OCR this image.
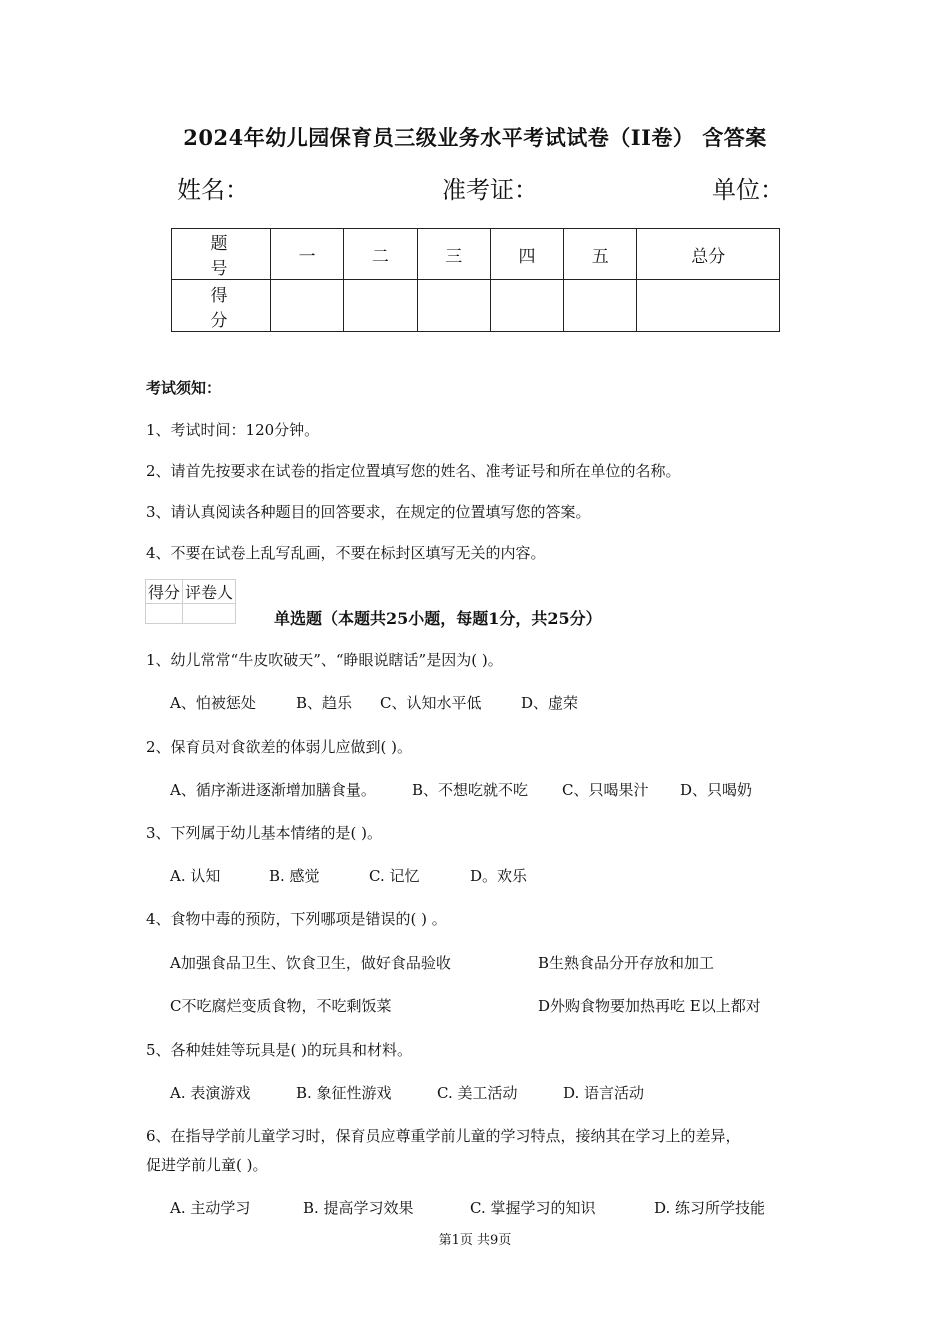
2024年幼儿园保育员三级业务水平考试试卷（II卷） 含答案
姓名：	准考证：	单位：
题 号	一	二	三	四	五	总分
得 分						
考试须知：
1、考试时间：120分钟。
2、请首先按要求在试卷的指定位置填写您的姓名、准考证号和所在单位的名称。
3、请认真阅读各种题目的回答要求，在规定的位置填写您的答案。
4、不要在试卷上乱写乱画，不要在标封区填写无关的内容。
得分	评卷人

单选题（本题共25小题，每题1分，共25分）
1、幼儿常常“牛皮吹破天”、“睁眼说瞎话”是因为( )。
A、怕被惩处	B、趋乐 C、认知水平低	D、虚荣
2、保育员对食欲差的体弱儿应做到( )。
A、循序渐进逐渐增加膳食量。 B、不想吃就不吃 C、只喝果汁 D、只喝奶
3、下列属于幼儿基本情绪的是( )。
A. 认知	B. 感觉	C. 记忆	D。欢乐
4、食物中毒的预防，下列哪项是错误的( ) 。
A加强食品卫生、饮食卫生，做好食品验收	B生熟食品分开存放和加工
C不吃腐烂变质食物，不吃剩饭菜	D外购食物要加热再吃 E以上都对
5、各种娃娃等玩具是( )的玩具和材料。
A. 表演游戏	B. 象征性游戏	C. 美工活动	D. 语言活动
6、在指导学前儿童学习时，保育员应尊重学前儿童的学习特点，接纳其在学习上的差异，
促进学前儿童( )。
A. 主动学习	B. 提高学习效果	C. 掌握学习的知识	D. 练习所学技能
第1页 共9页
